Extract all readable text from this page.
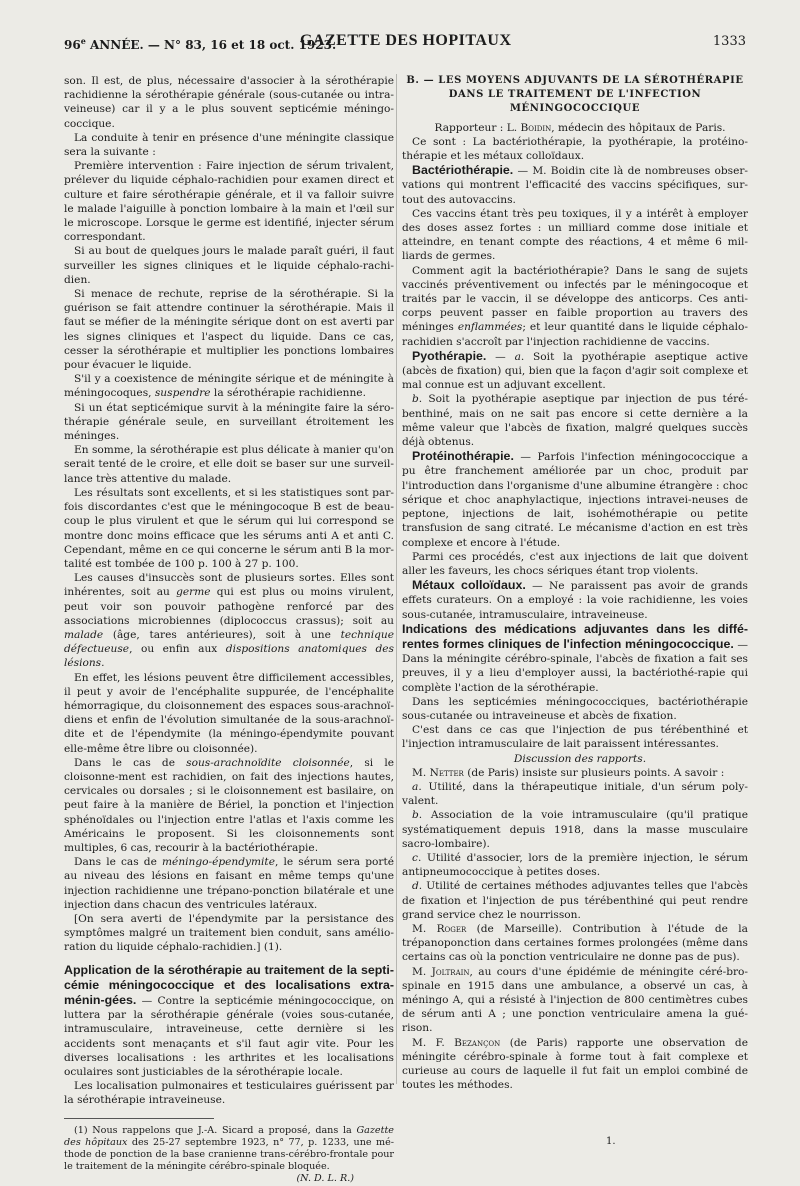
96e ANNÉE. — N° 83, 16 et 18 oct. 1923.
GAZETTE DES HOPITAUX	1333

son. Il est, de plus, nécessaire d'associer à la sérothérapie rachidienne la sérothérapie générale (sous-cutanée ou intra-veineuse) car il y a le plus souvent septicémie méningo-coccique.

La conduite à tenir en présence d'une méningite classique sera la suivante :

Première intervention : Faire injection de sérum trivalent, prélever du liquide céphalo-rachidien pour examen direct et culture et faire sérothérapie générale, et il va falloir suivre le malade l'aiguille à ponction lombaire à la main et l'œil sur le microscope. Lorsque le germe est identifié, injecter sérum correspondant.

Si au bout de quelques jours le malade paraît guéri, il faut surveiller les signes cliniques et le liquide céphalo-rachi-dien.

Si menace de rechute, reprise de la sérothérapie. Si la guérison se fait attendre continuer la sérothérapie. Mais il faut se méfier de la méningite sérique dont on est averti par les signes cliniques et l'aspect du liquide. Dans ce cas, cesser la sérothérapie et multiplier les ponctions lombaires pour évacuer le liquide.

S'il y a coexistence de méningite sérique et de méningite à méningocoques, suspendre la sérothérapie rachidienne.

Si un état septicémique survit à la méningite faire la séro-thérapie générale seule, en surveillant étroitement les méninges.

En somme, la sérothérapie est plus délicate à manier qu'on serait tenté de le croire, et elle doit se baser sur une surveil-lance très attentive du malade.

Les résultats sont excellents, et si les statistiques sont par-fois discordantes c'est que le méningocoque B est de beau-coup le plus virulent et que le sérum qui lui correspond se montre donc moins efficace que les sérums anti A et anti C. Cependant, même en ce qui concerne le sérum anti B la mor-talité est tombée de 100 p. 100 à 27 p. 100.

Les causes d'insuccès sont de plusieurs sortes. Elles sont inhérentes, soit au germe qui est plus ou moins virulent, peut voir son pouvoir pathogène renforcé par des associations microbiennes (diplococcus crassus); soit au malade (âge, tares antérieures), soit à une technique défectueuse, ou enfin aux dispositions anatomiques des lésions.

En effet, les lésions peuvent être difficilement accessibles, il peut y avoir de l'encéphalite suppurée, de l'encéphalite hémorragique, du cloisonnement des espaces sous-arachnoï-diens et enfin de l'évolution simultanée de la sous-arachnoï-dite et de l'épendymite (la méningo-épendymite pouvant elle-même être libre ou cloisonnée).

Dans le cas de sous-arachnoïdite cloisonnée, si le cloisonne-ment est rachidien, on fait des injections hautes, cervicales ou dorsales ; si le cloisonnement est basilaire, on peut faire à la manière de Bériel, la ponction et l'injection sphénoïdales ou l'injection entre l'atlas et l'axis comme les Américains le proposent. Si les cloisonnements sont multiples, 6 cas, recourir à la bactériothérapie.

Dans le cas de méningo-épendymite, le sérum sera porté au niveau des lésions en faisant en même temps qu'une injection rachidienne une trépano-ponction bilatérale et une injection dans chacun des ventricules latéraux.

[On sera averti de l'épendymite par la persistance des symptômes malgré un traitement bien conduit, sans amélio-ration du liquide céphalo-rachidien.] (1).

Application de la sérothérapie au traitement de la septi-cémie méningococcique et des localisations extra-ménin-gées. — Contre la septicémie méningococcique, on luttera par la sérothérapie générale (voies sous-cutanée, intramusculaire, intraveineuse, cette dernière si les accidents sont menaçants et s'il faut agir vite. Pour les diverses localisations : les arthrites et les localisations oculaires sont justiciables de la sérothérapie locale.

Les localisation pulmonaires et testiculaires guérissent par la sérothérapie intraveineuse.

(1) Nous rappelons que J.-A. Sicard a proposé, dans la Gazette des hôpitaux des 25-27 septembre 1923, n° 77, p. 1233, une mé-thode de ponction de la base cranienne trans-cérébro-frontale pour le traitement de la méningite cérébro-spinale bloquée.

(N. D. L. R.)
B. — LES MOYENS ADJUVANTS DE LA SÉROTHÉRAPIE DANS LE TRAITEMENT DE L'INFECTION MÉNINGOCOCCIQUE

Rapporteur : L. Boidin, médecin des hôpitaux de Paris.

Ce sont : La bactériothérapie, la pyothérapie, la protéino-thérapie et les métaux colloïdaux.

Bactériothérapie. — M. Boidin cite là de nombreuses obser-vations qui montrent l'efficacité des vaccins spécifiques, sur-tout des autovaccins.

Ces vaccins étant très peu toxiques, il y a intérêt à employer des doses assez fortes : un milliard comme dose initiale et atteindre, en tenant compte des réactions, 4 et même 6 mil-liards de germes.

Comment agit la bactériothérapie? Dans le sang de sujets vaccinés préventivement ou infectés par le méningocoque et traités par le vaccin, il se développe des anticorps. Ces anti-corps peuvent passer en faible proportion au travers des méninges enflammées; et leur quantité dans le liquide céphalo-rachidien s'accroît par l'injection rachidienne de vaccins.

Pyothérapie. — a. Soit la pyothérapie aseptique active (abcès de fixation) qui, bien que la façon d'agir soit complexe et mal connue est un adjuvant excellent.

b. Soit la pyothérapie aseptique par injection de pus téré-benthiné, mais on ne sait pas encore si cette dernière a la même valeur que l'abcès de fixation, malgré quelques succès déjà obtenus.

Protéinothérapie. — Parfois l'infection méningococcique a pu être franchement améliorée par un choc, produit par l'introduction dans l'organisme d'une albumine étrangère : choc sérique et choc anaphylactique, injections intravei-neuses de peptone, injections de lait, isohémothérapie ou petite transfusion de sang citraté. Le mécanisme d'action en est très complexe et encore à l'étude.

Parmi ces procédés, c'est aux injections de lait que doivent aller les faveurs, les chocs sériques étant trop violents.

Métaux colloïdaux. — Ne paraissent pas avoir de grands effets curateurs. On a employé : la voie rachidienne, les voies sous-cutanée, intramusculaire, intraveineuse.

Indications des médications adjuvantes dans les diffé-rentes formes cliniques de l'infection méningococcique. — Dans la méningite cérébro-spinale, l'abcès de fixation a fait ses preuves, il y a lieu d'employer aussi, la bactériothé-rapie qui complète l'action de la sérothérapie.

Dans les septicémies méningococciques, bactériothérapie sous-cutanée ou intraveineuse et abcès de fixation.

C'est dans ce cas que l'injection de pus térébenthiné et l'injection intramusculaire de lait paraissent intéressantes.

Discussion des rapports.

M. Netter (de Paris) insiste sur plusieurs points. A savoir :

a. Utilité, dans la thérapeutique initiale, d'un sérum poly-valent.

b. Association de la voie intramusculaire (qu'il pratique systématiquement depuis 1918, dans la masse musculaire sacro-lombaire).

c. Utilité d'associer, lors de la première injection, le sérum antipneumococcique à petites doses.

d. Utilité de certaines méthodes adjuvantes telles que l'abcès de fixation et l'injection de pus térébenthiné qui peut rendre grand service chez le nourrisson.

M. Roger (de Marseille). Contribution à l'étude de la trépanoponction dans certaines formes prolongées (même dans certains cas où la ponction ventriculaire ne donne pas de pus).

M. Joltrain, au cours d'une épidémie de méningite céré-bro-spinale en 1915 dans une ambulance, a observé un cas, à méningo A, qui a résisté à l'injection de 800 centimètres cubes de sérum anti A ; une ponction ventriculaire amena la gué-rison.

M. F. Bezançon (de Paris) rapporte une observation de méningite cérébro-spinale à forme tout à fait complexe et curieuse au cours de laquelle il fut fait un emploi combiné de toutes les méthodes.

1.
